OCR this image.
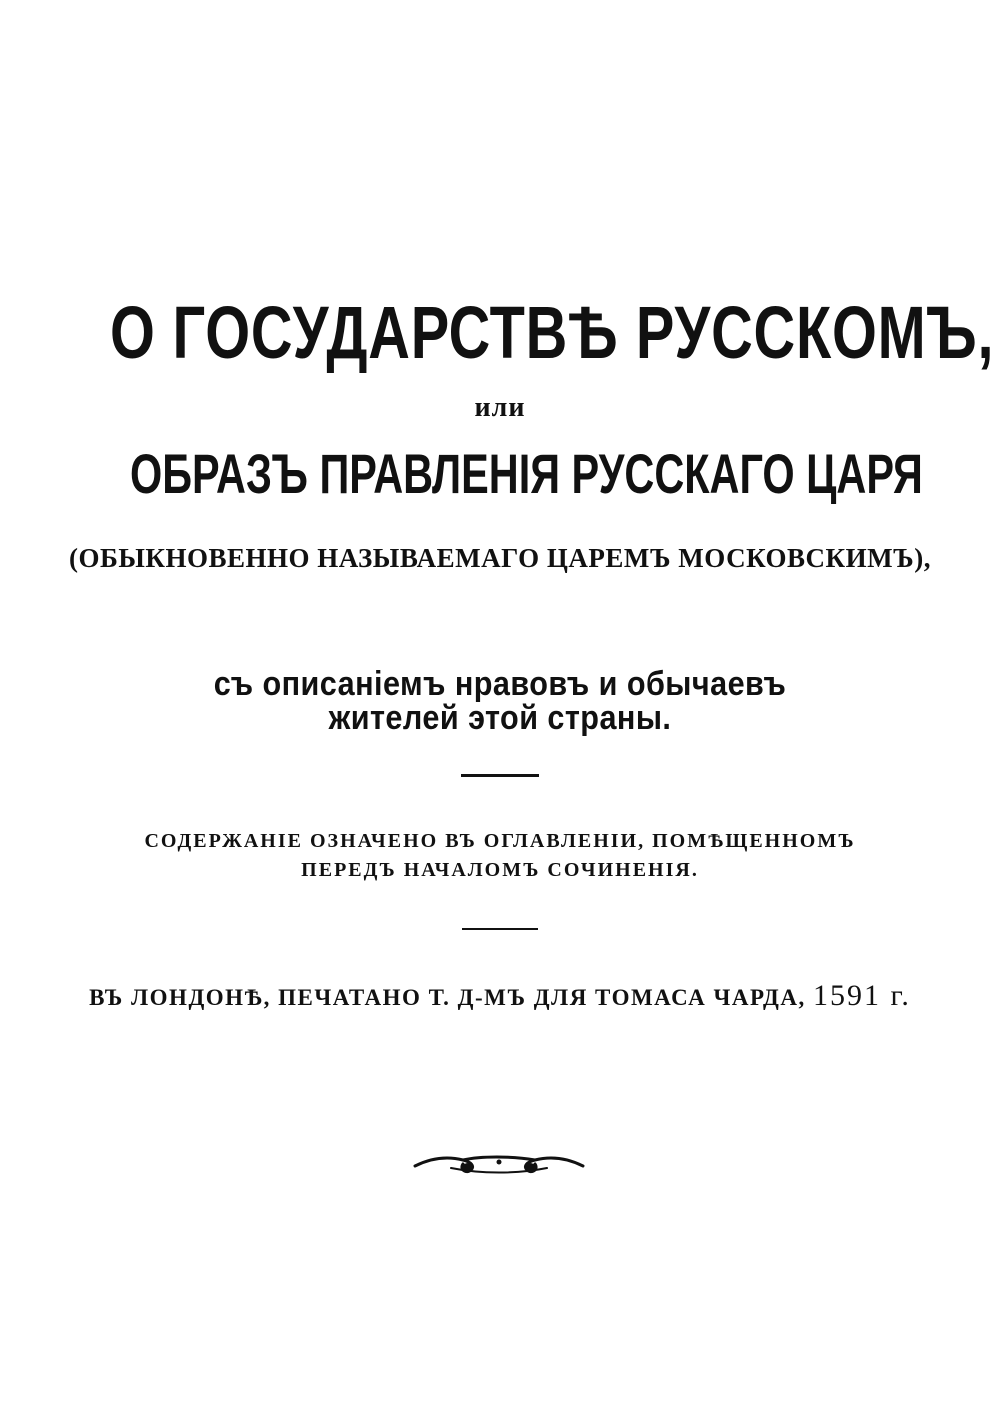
О ГОСУДАРСТВѢ РУССКОМЪ,
или
ОБРАЗЪ ПРАВЛЕНІЯ РУССКАГО ЦАРЯ
(ОБЫКНОВЕННО НАЗЫВАЕМАГО ЦАРЕМЪ МОСКОВСКИМЪ),
съ описаніемъ нравовъ и обычаевъ
жителей этой страны.
СОДЕРЖАНІЕ ОЗНАЧЕНО ВЪ ОГЛАВЛЕНІИ, ПОМѢЩЕННОМЪ
ПЕРЕДЪ НАЧАЛОМЪ СОЧИНЕНІЯ.
ВЪ ЛОНДОНѢ, ПЕЧАТАНО Т. Д-МЪ ДЛЯ ТОМАСА ЧАРДА, 1591 г.
